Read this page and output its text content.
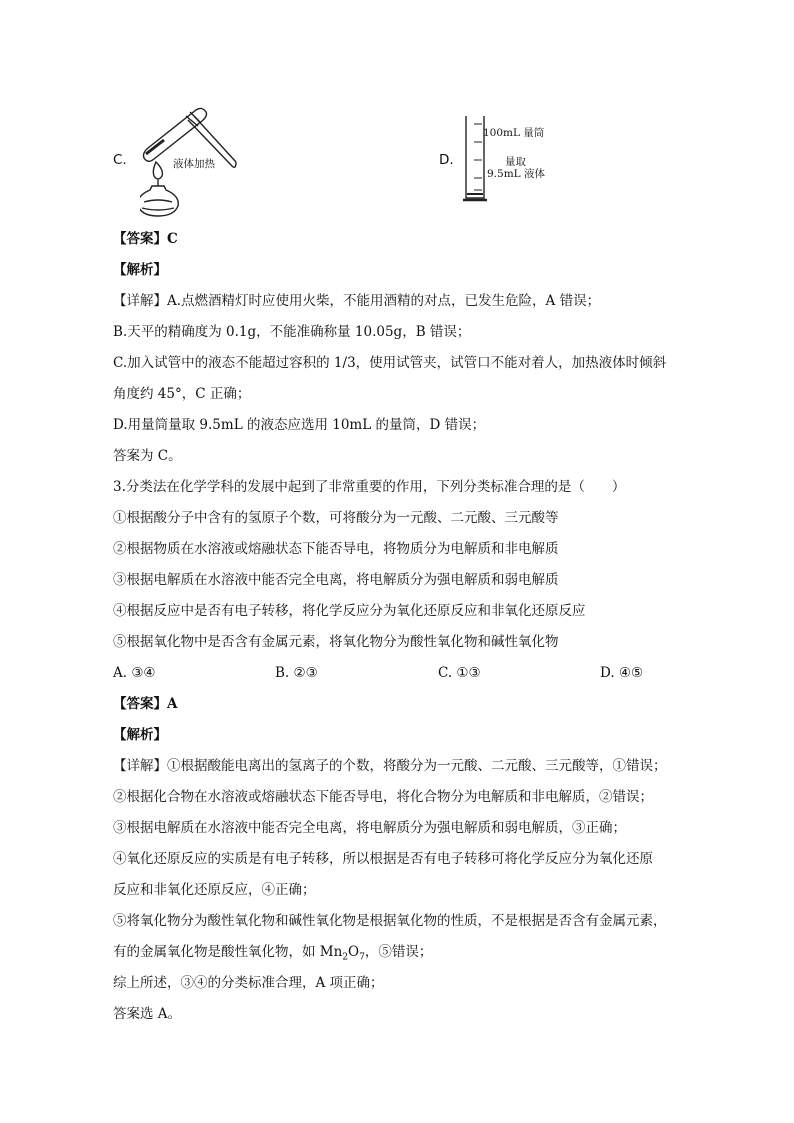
C.	液体加热	D.
100mL 量筒
量取
9.5mL 液体
【答案】C
【解析】
【详解】A.点燃酒精灯时应使用火柴，不能用酒精的对点，已发生危险，A 错误；
B.天平的精确度为 0.1g，不能准确称量 10.05g，B 错误；
C.加入试管中的液态不能超过容积的 1/3，使用试管夹，试管口不能对着人，加热液体时倾斜
角度约 45°，C 正确；
D.用量筒量取 9.5mL 的液态应选用 10mL 的量筒，D 错误；
答案为 C。
3.分类法在化学学科的发展中起到了非常重要的作用，下列分类标准合理的是（　　）
①根据酸分子中含有的氢原子个数，可将酸分为一元酸、二元酸、三元酸等
②根据物质在水溶液或熔融状态下能否导电，将物质分为电解质和非电解质
③根据电解质在水溶液中能否完全电离，将电解质分为强电解质和弱电解质
④根据反应中是否有电子转移，将化学反应分为氧化还原反应和非氧化还原反应
⑤根据氧化物中是否含有金属元素，将氧化物分为酸性氧化物和碱性氧化物
A. ③④	B. ②③	C. ①③	D. ④⑤
【答案】A
【解析】
【详解】①根据酸能电离出的氢离子的个数，将酸分为一元酸、二元酸、三元酸等，①错误；
②根据化合物在水溶液或熔融状态下能否导电，将化合物分为电解质和非电解质，②错误；
③根据电解质在水溶液中能否完全电离，将电解质分为强电解质和弱电解质，③正确；
④氧化还原反应的实质是有电子转移，所以根据是否有电子转移可将化学反应分为氧化还原
反应和非氧化还原反应，④正确；
⑤将氧化物分为酸性氧化物和碱性氧化物是根据氧化物的性质，不是根据是否含有金属元素，
有的金属氧化物是酸性氧化物，如 $Mn_2O_7$，⑤错误；
综上所述，③④的分类标准合理，A 项正确；
答案选 A。
